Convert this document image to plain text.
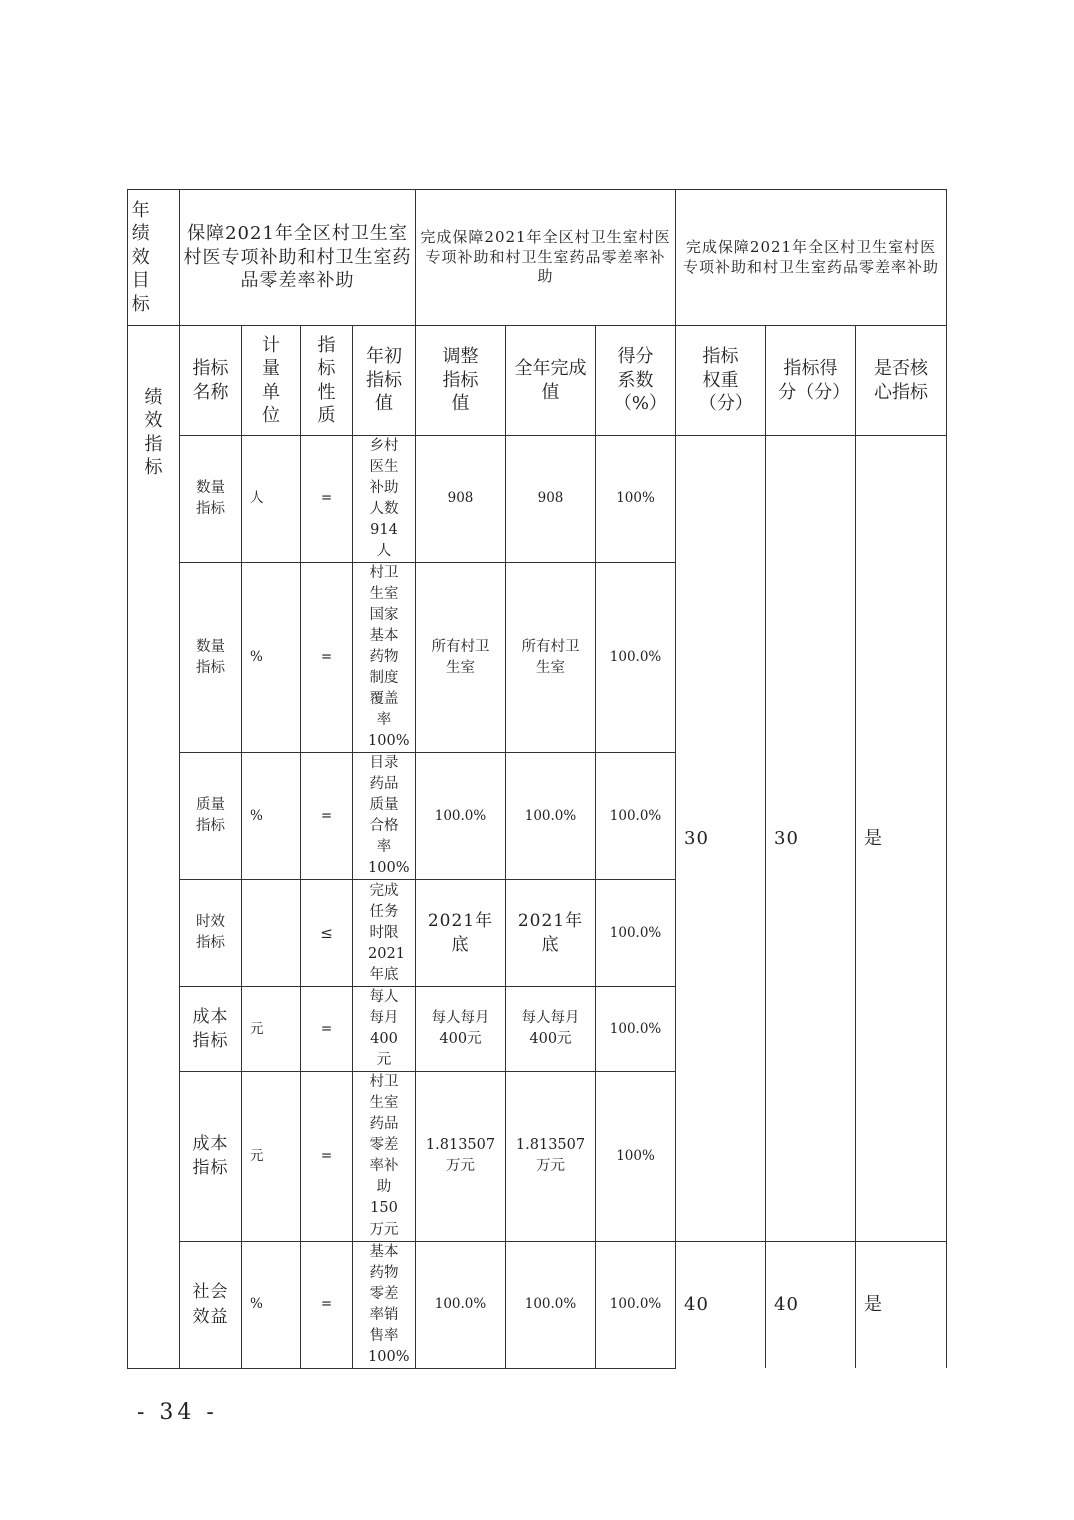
年绩效目标	保障2021年全区村卫生室村医专项补助和村卫生室药品零差率补助				完成保障2021年全区村卫生室村医专项补助和村卫生室药品零差率补助			完成保障2021年全区村卫生室村医专项补助和村卫生室药品零差率补助		
绩效指标	指标名称	计量单位	指标性质	年初指标值	调整指标值	全年完成值	得分系数（%）	指标权重（分）	指标得分（分）	是否核心指标
	数量指标	人	=	乡村医生补助人数914人	908	908	100%	30	30	是
	数量指标	%	=	村卫生室国家基本药物制度覆盖率100%	所有村卫生室	所有村卫生室	100.0%			
	质量指标	%	=	目录药品质量合格率100%	100.0%	100.0%	100.0%			
	时效指标		≤	完成任务时限2021年底	2021年底	2021年底	100.0%			
	成本指标	元	=	每人每月400元	每人每月400元	每人每月400元	100.0%			
	成本指标	元	=	村卫生室药品零差率补助150万元	1.813507万元	1.813507万元	100%			
	社会效益	%	=	基本药物零差率销售率100%	100.0%	100.0%	100.0%	40	40	是
- 34 -
